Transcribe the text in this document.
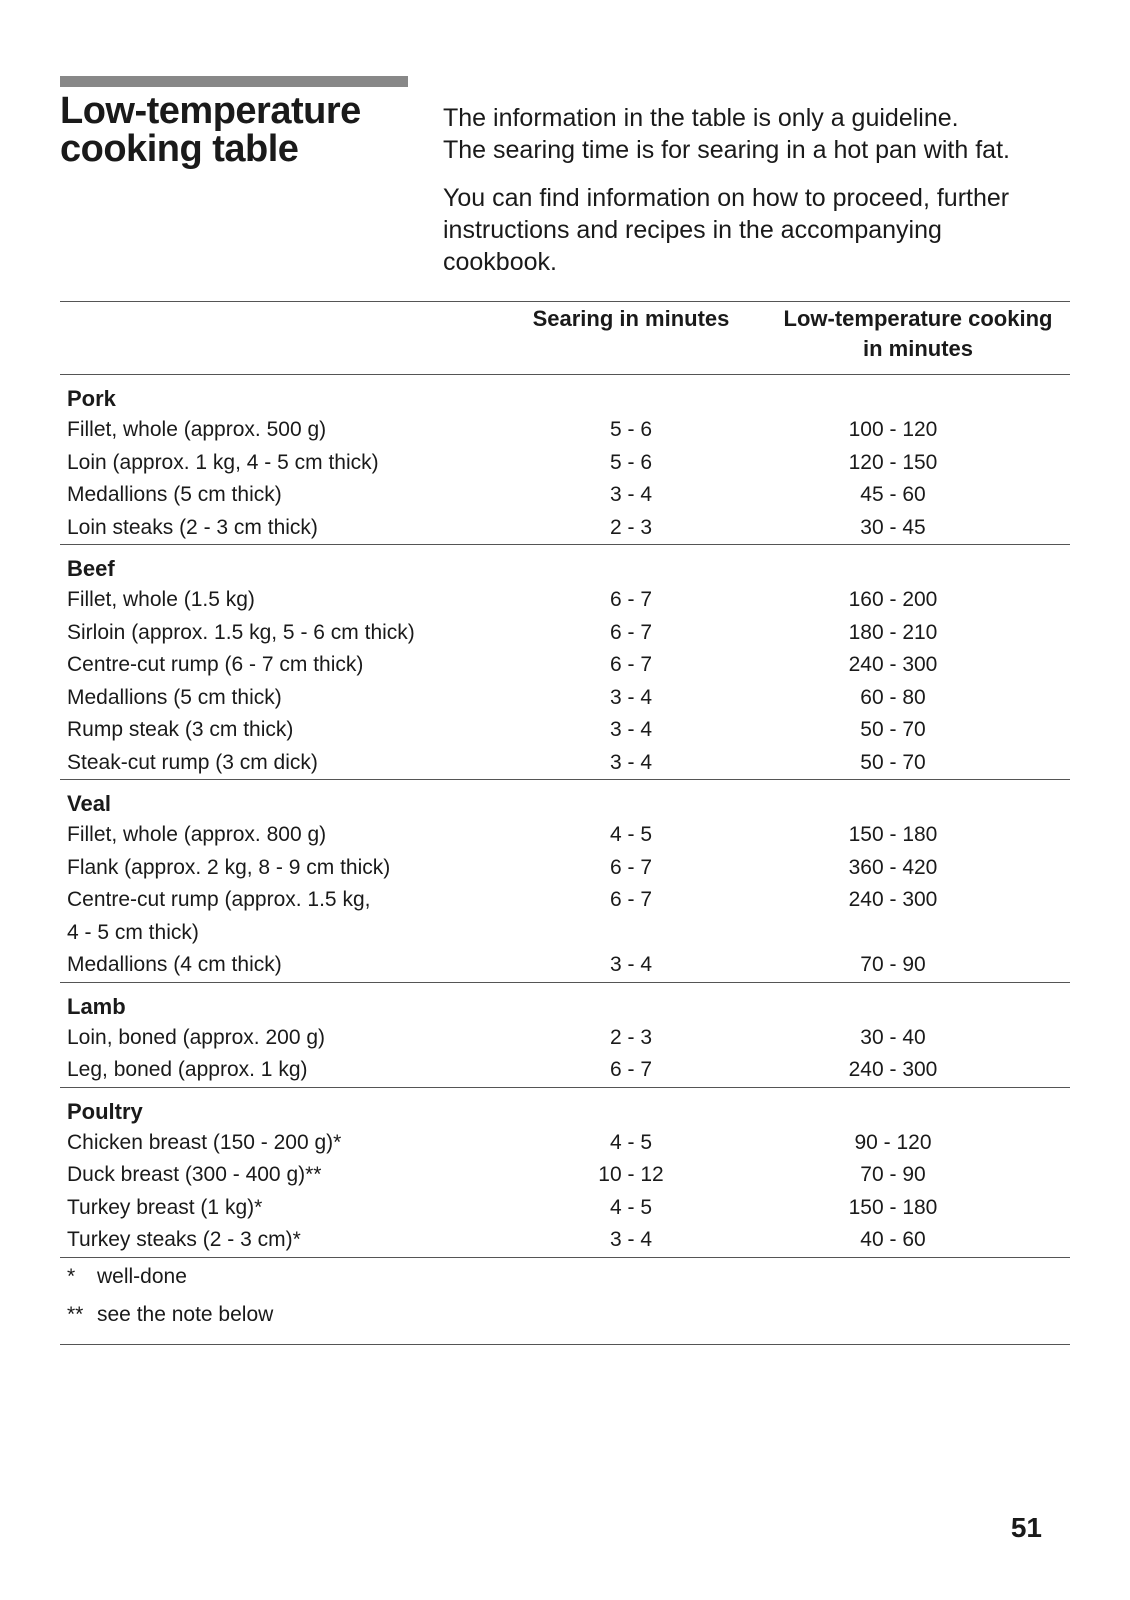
Low-temperature
cooking table

The information in the table is only a guideline.
The searing time is for searing in a hot pan with fat.

You can find information on how to proceed, further
instructions and recipes in the accompanying
cookbook.

	Searing in minutes	Low-temperature cooking
in minutes

Pork		

Fillet, whole (approx. 500 g)	5 - 6	100 - 120

Loin (approx. 1 kg, 4 - 5 cm thick)	5 - 6	120 - 150

Medallions (5 cm thick)	3 - 4	45 - 60

Loin steaks (2 - 3 cm thick)	2 - 3	30 - 45
Beef		

Fillet, whole (1.5 kg)	6 - 7	160 - 200

Sirloin (approx. 1.5 kg, 5 - 6 cm thick)	6 - 7	180 - 210

Centre-cut rump (6 - 7 cm thick)	6 - 7	240 - 300

Medallions (5 cm thick)	3 - 4	60 - 80

Rump steak (3 cm thick)	3 - 4	50 - 70

Steak-cut rump (3 cm dick)	3 - 4	50 - 70
Veal		

Fillet, whole (approx. 800 g)	4 - 5	150 - 180

Flank (approx. 2 kg, 8 - 9 cm thick)	6 - 7	360 - 420

Centre-cut rump (approx. 1.5 kg,
4 - 5 cm thick)	6 - 7	240 - 300

Medallions (4 cm thick)	3 - 4	70 - 90
Lamb		

Loin, boned (approx. 200 g)	2 - 3	30 - 40

Leg, boned (approx. 1 kg)	6 - 7	240 - 300
Poultry		

Chicken breast (150 - 200 g)*	4 - 5	90 - 120

Duck breast (300 - 400 g)**	10 - 12	70 - 90

Turkey breast (1 kg)*	4 - 5	150 - 180

Turkey steaks (2 - 3 cm)*	3 - 4	40 - 60
* well-done
** see the note below
51
